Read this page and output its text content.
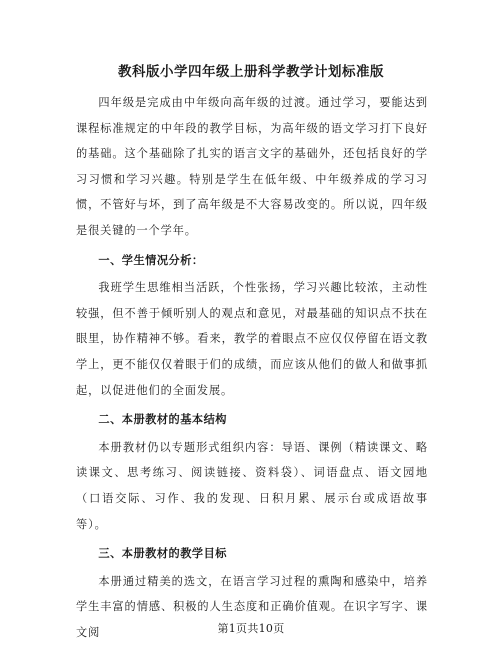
教科版小学四年级上册科学教学计划标准版

四年级是完成由中年级向高年级的过渡。通过学习，要能达到课程标准规定的中年段的教学目标，为高年级的语文学习打下良好的基础。这个基础除了扎实的语言文字的基础外，还包括良好的学习习惯和学习兴趣。特别是学生在低年级、中年级养成的学习习惯，不管好与坏，到了高年级是不大容易改变的。所以说，四年级是很关键的一个学年。

一、学生情况分析：

我班学生思维相当活跃，个性张扬，学习兴趣比较浓，主动性较强，但不善于倾听别人的观点和意见，对最基础的知识点不扶在眼里，协作精神不够。看来，教学的着眼点不应仅仅停留在语文教学上，更不能仅仅着眼于们的成绩，而应该从他们的做人和做事抓起，以促进他们的全面发展。

二、本册教材的基本结构

本册教材仍以专题形式组织内容：导语、课例（精读课文、略读课文、思考练习、阅读链接、资料袋）、词语盘点、语文园地（口语交际、习作、我的发现、日积月累、展示台或成语故事等）。

三、本册教材的教学目标

本册通过精美的选文，在语言学习过程的熏陶和感染中，培养学生丰富的情感、积极的人生态度和正确价值观。在识字写字、课文阅	第1页共10页
